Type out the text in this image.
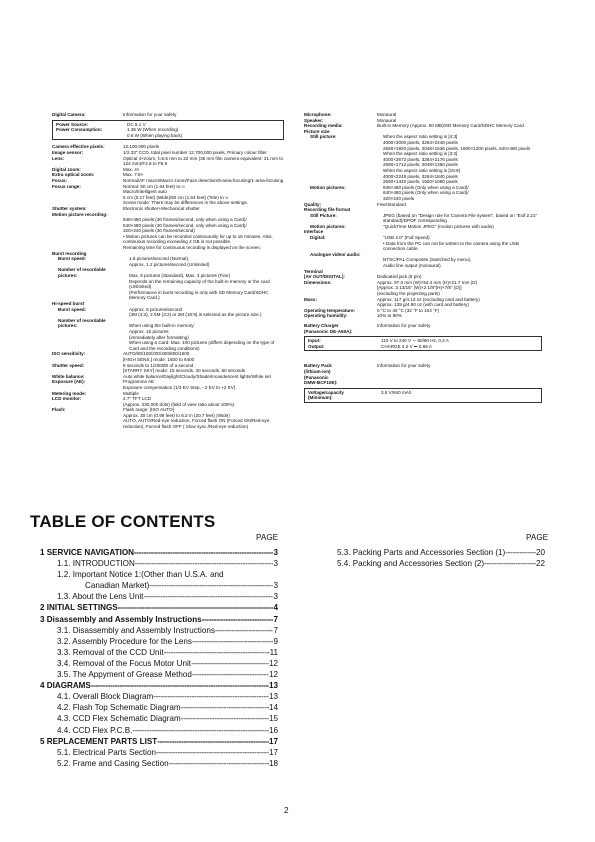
Digital Camera:	Information for your safety
Power Source:	DC 5.1 V
Power Consumption:	1.35 W (When recording)
0.6 W (When playing back)
Camera effective pixels:	12,100,000 pixels
Image sensor:	1/2.33" CCD, total pixel number 12,700,000 pixels, Primary colour filter
Lens:	Optical 4×zoom, f=5.5 mm to 22 mm (35 mm film camera equivalent: 31 mm to 124 mm)/F2.8 to F5.9
Digital zoom:	Max. 4×
Extra optical zoom:	Max. 7.8×
Focus:	Normal/AF macro/Macro zoom/Face detection/9-area-focusing/1-area-focusing
Focus range:	Normal: 50 cm (1.64 feet) to ∞
Macro/Intelligent auto
5 cm (0.17 feet) (Wide)/50 cm (1.64 feet) (Tele) to ∞
Scene mode: There may be differences in the above settings.
Shutter system:	Electronic shutter+Mechanical shutter
Motion picture recording:	
848×480 pixels (30 frames/second, only when using a Card)/
640×480 pixels (30 frames/second, only when using a Card)/
320×240 pixels (30 frames/second)
• Motion pictures can be recorded continuously for up to 15 minutes. Also, continuous recording exceeding 2 GB is not possible.
Remaining time for continuous recording is displayed on the screen.
Burst recording	
Burst speed:	1.8 pictures/second (Normal),
Approx. 1.2 pictures/second (Unlimited)
Number of recordable pictures:	
Max. 5 pictures (Standard), Max. 3 pictures (Fine)
Depends on the remaining capacity of the built-in memory or the card (Unlimited)
(Performance in burst recording is only with SD Memory Card/SDHC Memory Card.)
Hi-speed burst	
Burst speed:	Approx. 6 pictures/second
(3M (4:3), 2.5M (3:2) or 2M (16:9) is selected as the picture size.)
Number of recordable pictures:	
When using the built-in memory:
Approx. 10 pictures
(immediately after formatting)
When using a Card: Max. 100 pictures (differs depending on the type of Card and the recording conditions)
ISO sensitivity:	AUTO/80/100/200/400/800/1600
[HIGH SENS.] mode: 1600 to 6400
Shutter speed:	8 seconds to 1/2000th of a second
[STARRY SKY] mode: 15 seconds, 30 seconds, 60 seconds
White balance:	Auto white balance/Daylight/Cloudy/Shade/Incandescent lights/White set
Exposure (AE):	Programme AE
Exposure compensation (1/3 EV Step, −2 EV to +2 EV)
Metering mode:	Multiple
LCD monitor:	2.7" TFT LCD
(Approx. 230,000 dots) (field of view ratio about 100%)
Flash:	Flash range: [ISO AUTO]
Approx. 30 cm (0.99 feet) to 6.3 m (20.7 feet) (Wide)
AUTO, AUTO/Red-eye reduction, Forced flash ON (Forced ON/Red-eye reduction), Forced flash OFF ( Slow sync./Red-eye reduction)
Microphone:	Monaural
Speaker:	Monaural
Recording media:	Built-in Memory (Approx. 50 MB)/SD Memory Card/SDHC Memory Card
Picture size	
Still picture:	When the aspect ratio setting is [4:3]
4000×3000 pixels, 3264×2448 pixels
2560×1920 pixels, 2048×1536 pixels, 1600×1200 pixels, 640×480 pixels
When the aspect ratio setting is [3:2]
4000×2672 pixels, 3264×2176 pixels
2560×1712 pixels, 2048×1360 pixels
When the aspect ratio setting is [16:9]
4000×2248 pixels, 3264×1840 pixels
2560×1440 pixels, 1920×1080 pixels
Motion pictures:	848×480 pixels (Only when using a Card)/
640×480 pixels (Only when using a Card)/
320×240 pixels
Quality:	Fine/Standard
Recording file format	
Still Picture:	JPEG (based on "Design rule for Camera File system", based on "Exif 2.21" standard)/DPOF corresponding
Motion pictures:	"QuickTime Motion JPEG" (motion pictures with audio)
Interface	
Digital:	"USB 2.0" (Full Speed)
• Data from the PC can not be written to the camera using the USB connection cable.
Analogue video/ audio:	
NTSC/PAL Composite (Switched by menu),
Audio line output (monaural)
Terminal
[AV OUT/DIGITAL]:	
Dedicated jack (8 pin)
Dimensions:	Approx. 97.0 mm (W)×54.4 mm (H)×21.7 mm (D)
[Approx. 3 13/16" (W)×2 1/8"(H)×7/8" (D)]
(excluding the projecting parts)
Mass:	Approx. 117 g/4.13 oz (excluding card and battery)
Approx. 139 g/4.90 oz (with card and battery)
Operating temperature:	0 °C to 40 °C (32 °F to 104 °F)
Operating humidity:	10% to 80%
Battery Charger
(Panasonic DE-A60A):	Information for your safety
Input:	110 V to 240 V ∼ 50/60 Hz, 0.2 A
Output:	CHARGE 4.2 V ⎓ 0.65 A
Battery Pack
(lithium-ion)
(Panasonic
DMW-BCF10E):	Information for your safety
Voltage/capacity
(Minimum):	3.6 V/940 mAh
TABLE OF CONTENTS
PAGE	PAGE
1 SERVICE NAVIGATION -----	3
1.1. INTRODUCTION -----	3
1.2. Important Notice 1:(Other than U.S.A. and
Canadian Market) -----	3
1.3. About the Lens Unit -----	3
2 INITIAL SETTINGS -----	4
3 Disassembly and Assembly Instructions -----	7
3.1. Disassembly and Assembly Instructions -----	7
3.2. Assembly Procedure for the Lens -----	9
3.3. Removal of the CCD Unit -----	11
3.4. Removal of the Focus Motor Unit -----	12
3.5. The Appyment of Grease Method -----	12
4 DIAGRAMS -----	13
4.1. Overall Block Diagram -----	13
4.2. Flash Top Schematic Diagram -----	14
4.3. CCD Flex Schematic Diagram -----	15
4.4. CCD Flex P.C.B. -----	16
5 REPLACEMENT PARTS LIST -----	17
5.1. Electrical Parts Section -----	17
5.2. Frame and Casing Section -----	18
5.3. Packing Parts and Accessories Section (1) -----	20
5.4. Packing and Accessories Section (2) -----	22
2
